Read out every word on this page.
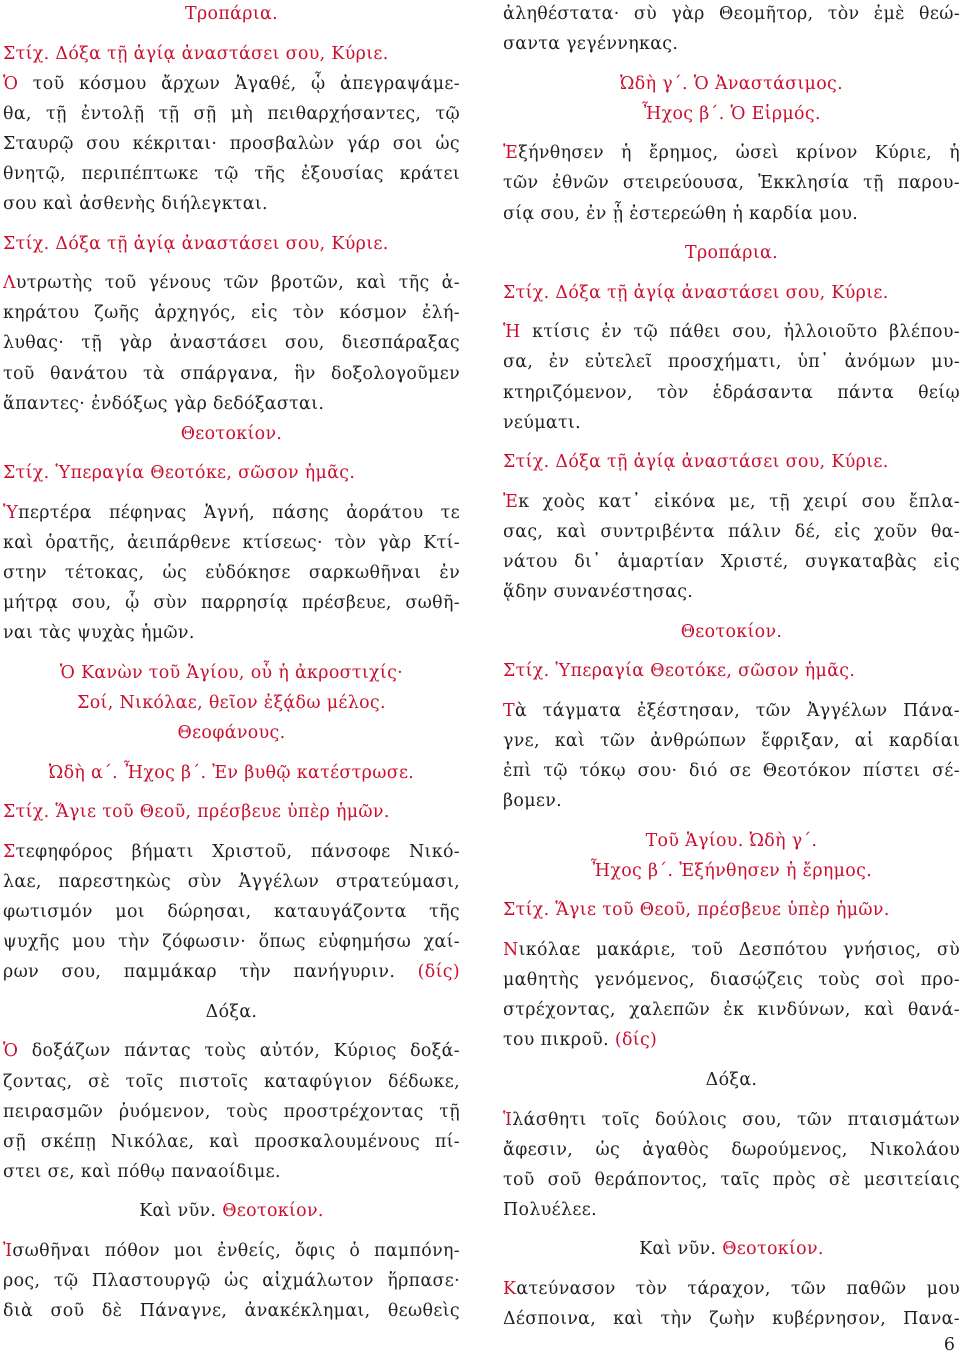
Τροπάρια.
Στίχ. Δόξα τῇ ἁγίᾳ ἀναστάσει σου, Κύριε.
Ὁ τοῦ κόσμου ἄρχων Ἀγαθέ, ᾧ ἀπεγραψάμε-
θα, τῇ ἐντολῇ τῇ σῇ μὴ πειθαρχήσαντες, τῷ
Σταυρῷ σου κέκριται· προσβαλὼν γάρ σοι ὡς
θνητῷ, περιπέπτωκε τῷ τῆς ἐξουσίας κράτει
σου καὶ ἀσθενὴς διήλεγκται.
Στίχ. Δόξα τῇ ἁγίᾳ ἀναστάσει σου, Κύριε.
Λυτρωτὴς τοῦ γένους τῶν βροτῶν, καὶ τῆς ἀ-
κηράτου ζωῆς ἀρχηγός, εἰς τὸν κόσμον ἐλή-
λυθας· τῇ γὰρ ἀναστάσει σου, διεσπάραξας
τοῦ θανάτου τὰ σπάργανα, ἣν δοξολογοῦμεν
ἅπαντες· ἐνδόξως γὰρ δεδόξασται.
Θεοτοκίον.
Στίχ. Ὑπεραγία Θεοτόκε, σῶσον ἡμᾶς.
Ὑπερτέρα πέφηνας Ἁγνή, πάσης ἀοράτου τε
καὶ ὁρατῆς, ἀειπάρθενε κτίσεως· τὸν γὰρ Κτί-
στην τέτοκας, ὡς εὐδόκησε σαρκωθῆναι ἐν
μήτρᾳ σου, ᾧ σὺν παρρησίᾳ πρέσβευε, σωθῆ-
ναι τὰς ψυχὰς ἡμῶν.
Ὁ Κανὼν τοῦ Ἁγίου, οὗ ἡ ἀκροστιχίς·
Σοί, Νικόλαε, θεῖον ἐξᾴδω μέλος.
Θεοφάνους.
Ὠδὴ α΄. Ἦχος β΄. Ἐν βυθῷ κατέστρωσε.
Στίχ. Ἅγιε τοῦ Θεοῦ, πρέσβευε ὑπὲρ ἡμῶν.
Στεφηφόρος βήματι Χριστοῦ, πάνσοφε Νικό-
λαε, παρεστηκὼς σὺν Ἀγγέλων στρατεύμασι,
φωτισμόν μοι δώρησαι, καταυγάζοντα τῆς
ψυχῆς μου τὴν ζόφωσιν· ὅπως εὐφημήσω χαί-
ρων σου, παμμάκαρ τὴν πανήγυριν. (δίς)
Δόξα.
Ὁ δοξάζων πάντας τοὺς αὐτόν, Κύριος δοξά-
ζοντας, σὲ τοῖς πιστοῖς καταφύγιον δέδωκε,
πειρασμῶν ῥυόμενον, τοὺς προστρέχοντας τῇ
σῇ σκέπῃ Νικόλαε, καὶ προσκαλουμένους πί-
στει σε, καὶ πόθῳ παναοίδιμε.
Καὶ νῦν. Θεοτοκίον.
Ἰσωθῆναι πόθον μοι ἐνθείς, ὄφις ὁ παμπόνη-
ρος, τῷ Πλαστουργῷ ὡς αἰχμάλωτον ἥρπασε·
διὰ σοῦ δὲ Πάναγνε, ἀνακέκλημαι, θεωθεὶς
ἀληθέστατα· σὺ γὰρ Θεομῆτορ, τὸν ἐμὲ θεώ-
σαντα γεγέννηκας.
Ὠδὴ γ΄. Ὁ Ἀναστάσιμος.
Ἦχος β΄. Ὁ Εἱρμός.
Ἐξήνθησεν ἡ ἔρημος, ὡσεὶ κρίνον Κύριε, ἡ
τῶν ἐθνῶν στειρεύουσα, Ἐκκλησία τῇ παρου-
σίᾳ σου, ἐν ᾗ ἐστερεώθη ἡ καρδία μου.
Τροπάρια.
Στίχ. Δόξα τῇ ἁγίᾳ ἀναστάσει σου, Κύριε.
Ἡ κτίσις ἐν τῷ πάθει σου, ἠλλοιοῦτο βλέπου-
σα, ἐν εὐτελεῖ προσχήματι, ὑπ᾽ ἀνόμων μυ-
κτηριζόμενον, τὸν ἑδράσαντα πάντα θείῳ
νεύματι.
Στίχ. Δόξα τῇ ἁγίᾳ ἀναστάσει σου, Κύριε.
Ἐκ χοὸς κατ᾽ εἰκόνα με, τῇ χειρί σου ἔπλα-
σας, καὶ συντριβέντα πάλιν δέ, εἰς χοῦν θα-
νάτου δι᾽ ἁμαρτίαν Χριστέ, συγκαταβὰς εἰς
ᾅδην συνανέστησας.
Θεοτοκίον.
Στίχ. Ὑπεραγία Θεοτόκε, σῶσον ἡμᾶς.
Τὰ τάγματα ἐξέστησαν, τῶν Ἀγγέλων Πάνα-
γνε, καὶ τῶν ἀνθρώπων ἔφριξαν, αἱ καρδίαι
ἐπὶ τῷ τόκῳ σου· διό σε Θεοτόκον πίστει σέ-
βομεν.
Τοῦ Ἁγίου. Ὠδὴ γ΄.
Ἦχος β΄. Ἐξήνθησεν ἡ ἔρημος.
Στίχ. Ἅγιε τοῦ Θεοῦ, πρέσβευε ὑπὲρ ἡμῶν.
Νικόλαε μακάριε, τοῦ Δεσπότου γνήσιος, σὺ
μαθητὴς γενόμενος, διασῴζεις τοὺς σοὶ προ-
στρέχοντας, χαλεπῶν ἐκ κινδύνων, καὶ θανά-
του πικροῦ. (δίς)
Δόξα.
Ἱλάσθητι τοῖς δούλοις σου, τῶν πταισμάτων
ἄφεσιν, ὡς ἀγαθὸς δωρούμενος, Νικολάου
τοῦ σοῦ θεράποντος, ταῖς πρὸς σὲ μεσιτείαις
Πολυέλεε.
Καὶ νῦν. Θεοτοκίον.
Κατεύνασον τὸν τάραχον, τῶν παθῶν μου
Δέσποινα, καὶ τὴν ζωὴν κυβέρνησον, Πανα-
6
